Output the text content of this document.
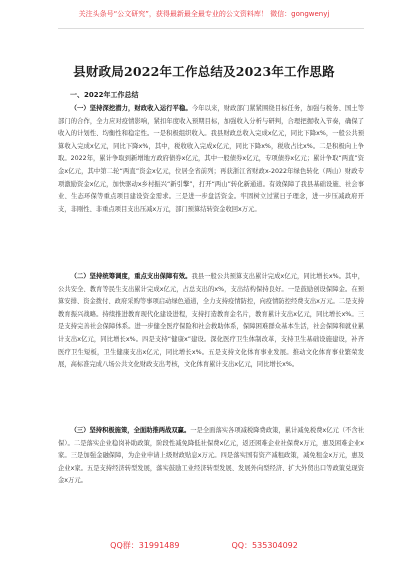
关注头条号“公文研究”，获得最新最全最专业的公文资料库！ 微信：gongwenyj
县财政局2022年工作总结及2023年工作思路
一、2022年工作总结

（一）坚持深挖潜力，财政收入运行平稳。今年以来，财政部门紧紧围绕目标任务，加强与税务、国土等部门的合作，全力应对疫情影响，紧扣年度收入预期目标，加强收入分析与研判，合理把握收入节奏，确保了收入的计划性、均衡性和稳定性。一是积极组织收入。我县财政总收入完成x亿元，同比下降x%，一般公共预算收入完成x亿元，同比下降x%，其中，税收收入完成x亿元，同比下降x%，税收占比x%。二是积极向上争取。2022年，累计争取到新增地方政府债券x亿元，其中一般债券x亿元，专项债券x亿元；累计争取“两直”资金x亿元，其中第二轮“两直”资金x亿元，位居全省前列；再获浙江省财政x-2022年绿色转化（两山）财政专项激励资金x亿元，加快驱动x乡村振兴“新引擎”，打开“两山”转化新通道。有效保障了我县基础设施、社会事业、生态环保等重点项目建设资金需求。三是进一步盘活资金。牢固树立过紧日子理念，进一步压减政府开支，非刚性、非重点项目支出压减x万元，部门预算结转资金收回x万元。

（二）坚持统筹调度，重点支出保障有效。我县一般公共预算支出累计完成x亿元，同比增长x%。其中，公共安全、教育等民生支出累计完成x亿元，占总支出的x%，支出结构保持良好。一是鼓励创设保障金。在预算安排、资金拨付、政府采购等事项启动绿色通道，全力支持疫情防控，向疫情防控经费支出x万元。二是支持教育振兴战略。持续推进教育现代化建设进程，支持打造教育金名片，教育累计支出x亿元，同比增长x%。三是支持完善社会保障体系。进一步健全医疗保险和社会救助体系，保障困难群众基本生活，社会保障和就业累计支出x亿元，同比增长x%。四是支持“健康x”建设。深化医疗卫生体制改革，支持卫生基础设施建设，补齐医疗卫生短板，卫生健康支出x亿元，同比增长x%。五是支持文化体育事业发展。推动文化体育事业繁荣发展，高标准完成八场公共文化财政支出考核，文化体育累计支出x亿元，同比增长x%。

（三）坚持积极施策，全面助推两战双赢。一是全面落实各项减税降费政策，累计减免税费x亿元（不含社保）。二是落实企业稳岗补助政策，阶段性减免降低社保费x亿元，返还困难企业社保费x万元，惠及困难企业x家。三是加强金融保障，为企业申请上级财政贴息x万元。四是落实国有资产减租政策，减免租金x万元，惠及企业x家。五是支持经济转型发展，落实鼓励工业经济转型发展、发展外向型经济、扩大外贸出口等政策兑现资金x万元。

QQ群：31991489	QQ：535304092
